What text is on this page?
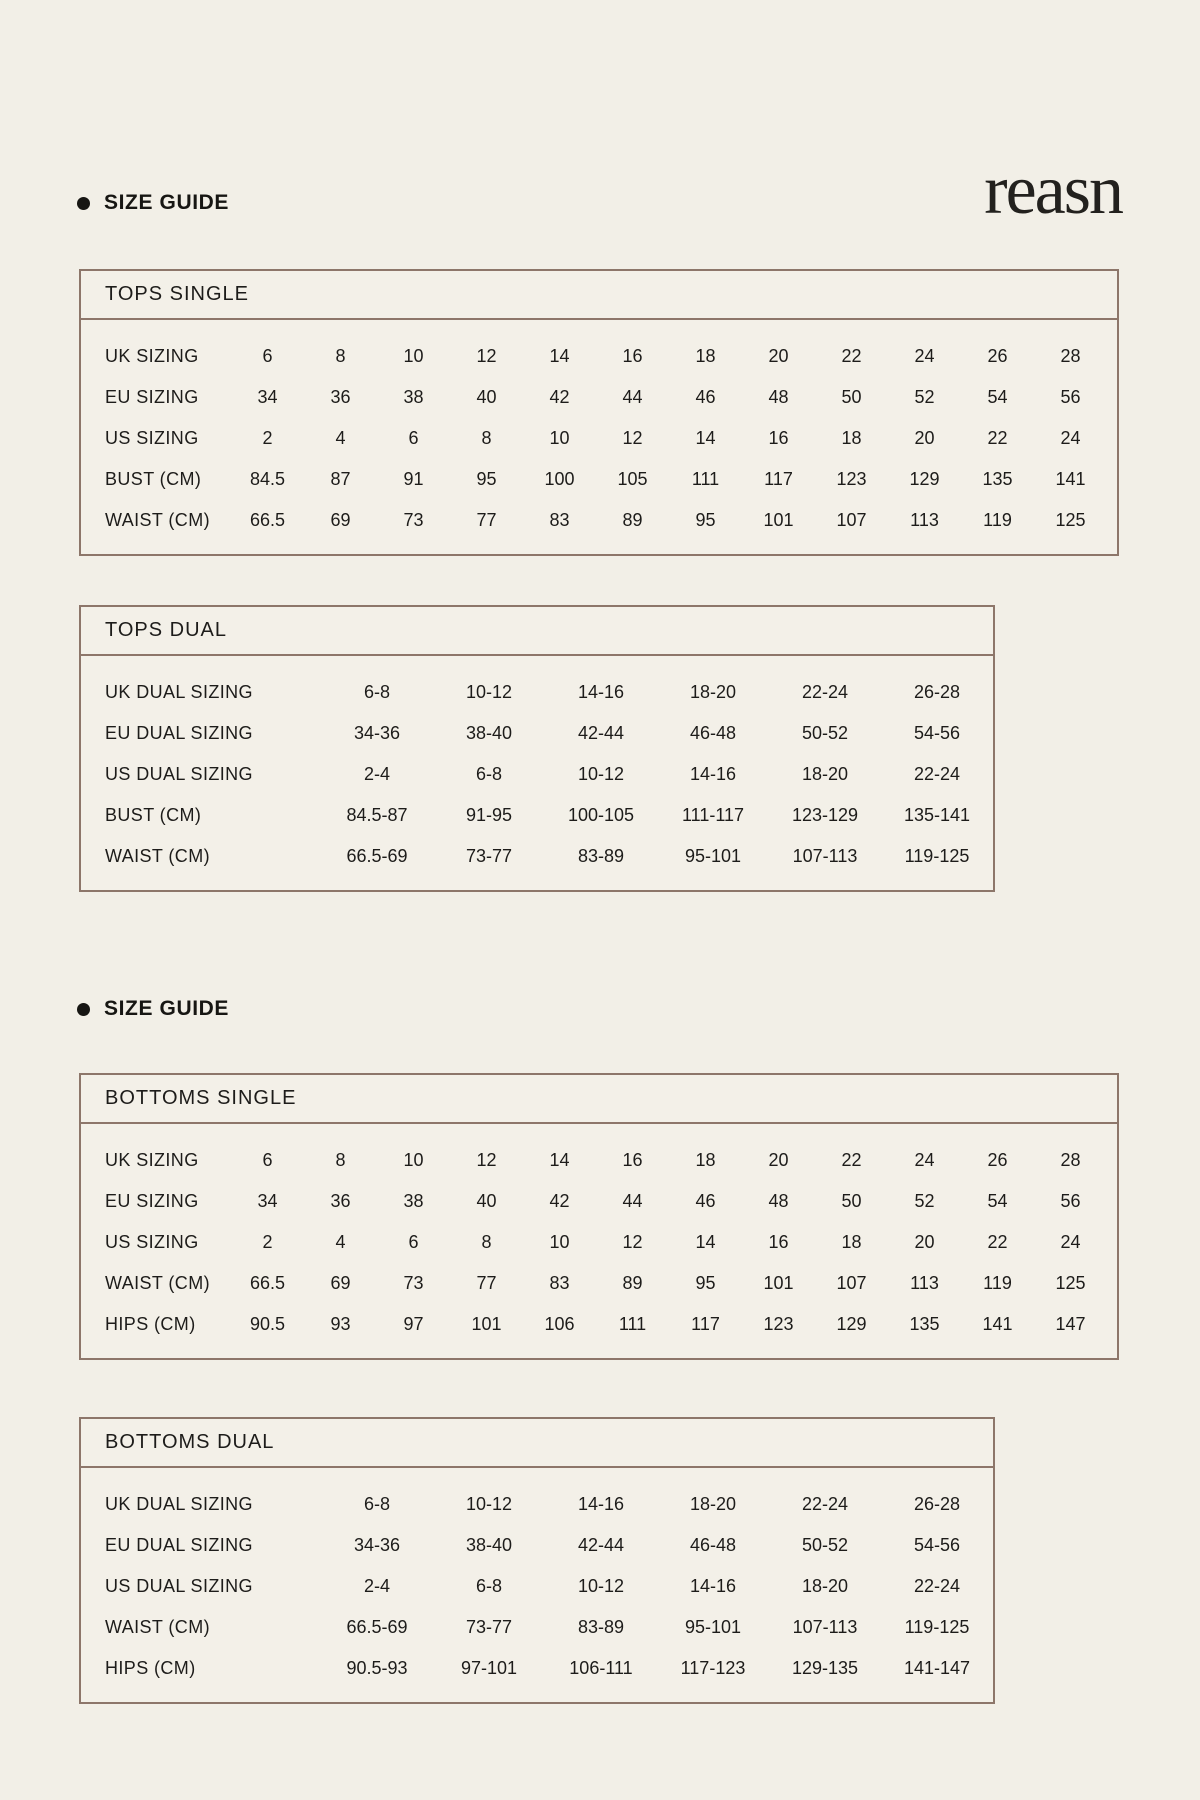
SIZE GUIDE	reasn
TOPS SINGLE
UK SIZING	6	8	10	12	14	16	18	20	22	24	26	28
EU SIZING	34	36	38	40	42	44	46	48	50	52	54	56
US SIZING	2	4	6	8	10	12	14	16	18	20	22	24
BUST (CM)	84.5	87	91	95	100	105	111	117	123	129	135	141
WAIST (CM)	66.5	69	73	77	83	89	95	101	107	113	119	125
TOPS DUAL
UK DUAL SIZING	6-8	10-12	14-16	18-20	22-24	26-28
EU DUAL SIZING	34-36	38-40	42-44	46-48	50-52	54-56
US DUAL SIZING	2-4	6-8	10-12	14-16	18-20	22-24
BUST (CM)	84.5-87	91-95	100-105	111-117	123-129	135-141
WAIST (CM)	66.5-69	73-77	83-89	95-101	107-113	119-125
SIZE GUIDE
BOTTOMS SINGLE
UK SIZING	6	8	10	12	14	16	18	20	22	24	26	28
EU SIZING	34	36	38	40	42	44	46	48	50	52	54	56
US SIZING	2	4	6	8	10	12	14	16	18	20	22	24
WAIST (CM)	66.5	69	73	77	83	89	95	101	107	113	119	125
HIPS (CM)	90.5	93	97	101	106	111	117	123	129	135	141	147
BOTTOMS DUAL
UK DUAL SIZING	6-8	10-12	14-16	18-20	22-24	26-28
EU DUAL SIZING	34-36	38-40	42-44	46-48	50-52	54-56
US DUAL SIZING	2-4	6-8	10-12	14-16	18-20	22-24
WAIST (CM)	66.5-69	73-77	83-89	95-101	107-113	119-125
HIPS (CM)	90.5-93	97-101	106-111	117-123	129-135	141-147
